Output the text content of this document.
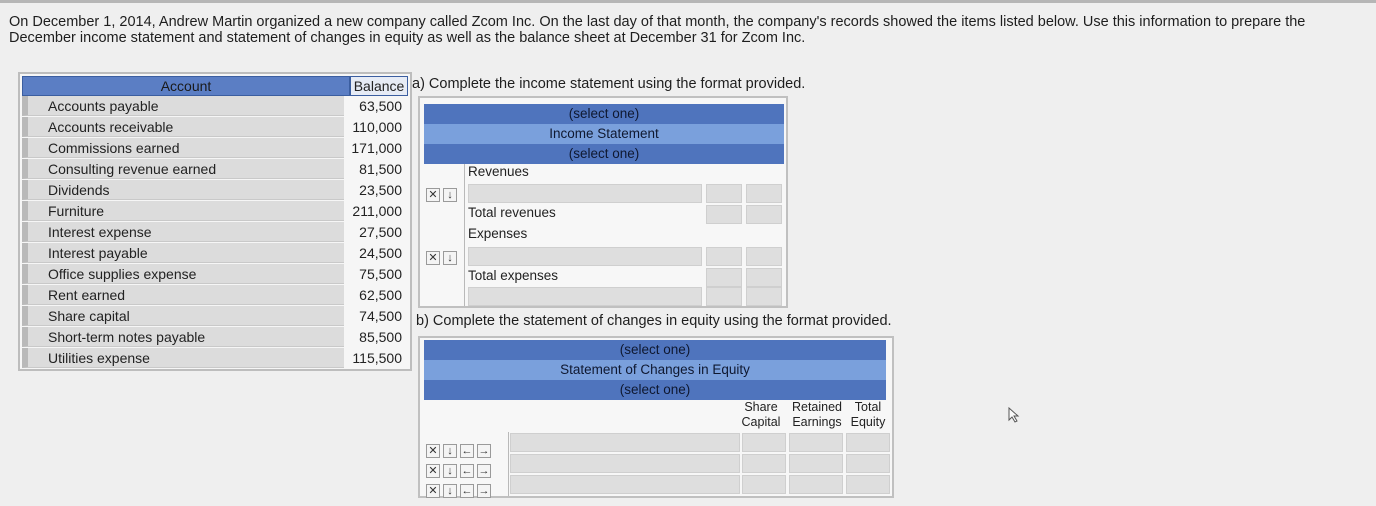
On December 1, 2014, Andrew Martin organized a new company called Zcom Inc. On the last day of that month, the company's records showed the items listed below. Use this information to prepare the December income statement and statement of changes in equity as well as the balance sheet at December 31 for Zcom Inc.

Account	Balance
Accounts payable	63,500
Accounts receivable	110,000
Commissions earned	171,000
Consulting revenue earned	81,500
Dividends	23,500
Furniture	211,000
Interest expense	27,500
Interest payable	24,500
Office supplies expense	75,500
Rent earned	62,500
Share capital	74,500
Short-term notes payable	85,500
Utilities expense	115,500
a) Complete the income statement using the format provided.
(select one)
Income Statement
(select one)
Revenues
✕ ↓
Total revenues
Expenses
✕ ↓
Total expenses
b) Complete the statement of changes in equity using the format provided.
(select one)
Statement of Changes in Equity
(select one)
Share
Capital
Retained
Earnings
Total
Equity
✕ ↓ ← →
✕ ↓ ← →
✕ ↓ ← →
